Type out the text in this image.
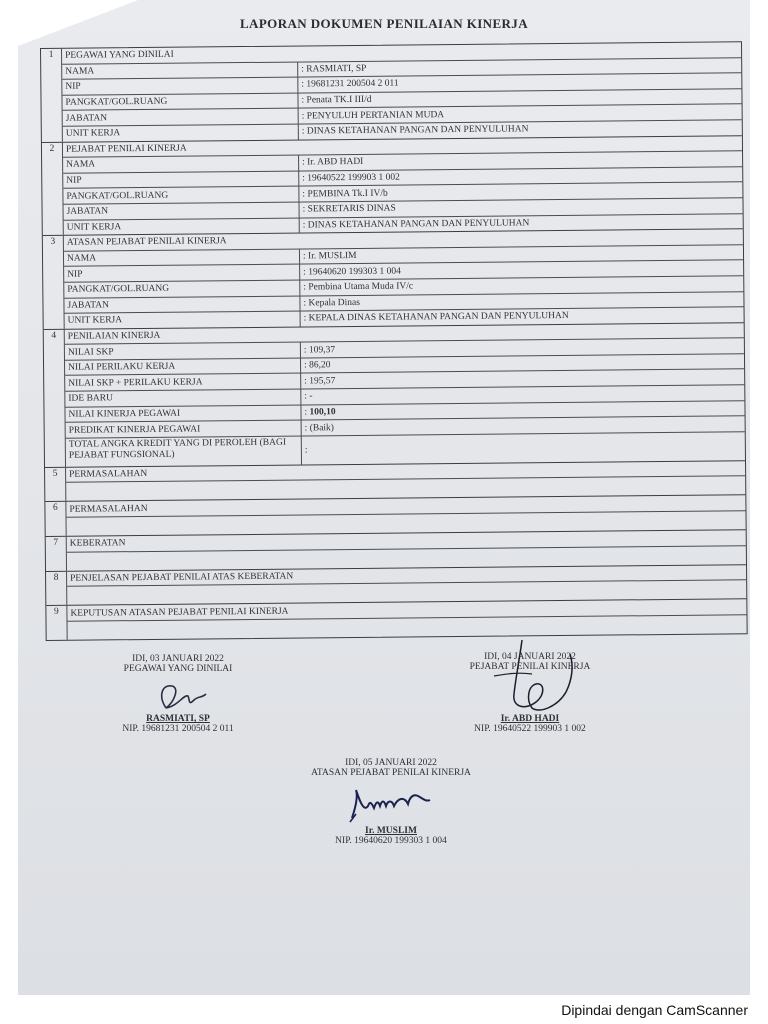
LAPORAN DOKUMEN PENILAIAN KINERJA
1	PEGAWAI YANG DINILAI
NAMA	: RASMIATI, SP
NIP	: 19681231 200504 2 011
PANGKAT/GOL.RUANG	: Penata TK.I III/d
JABATAN	: PENYULUH PERTANIAN MUDA
UNIT KERJA	: DINAS KETAHANAN PANGAN DAN PENYULUHAN
2	PEJABAT PENILAI KINERJA
NAMA	: Ir. ABD HADI
NIP	: 19640522 199903 1 002
PANGKAT/GOL.RUANG	: PEMBINA Tk.I IV/b
JABATAN	: SEKRETARIS DINAS
UNIT KERJA	: DINAS KETAHANAN PANGAN DAN PENYULUHAN
3	ATASAN PEJABAT PENILAI KINERJA
NAMA	: Ir. MUSLIM
NIP	: 19640620 199303 1 004
PANGKAT/GOL.RUANG	: Pembina Utama Muda IV/c
JABATAN	: Kepala Dinas
UNIT KERJA	: KEPALA DINAS KETAHANAN PANGAN DAN PENYULUHAN
4	PENILAIAN KINERJA
NILAI SKP	: 109,37
NILAI PERILAKU KERJA	: 86,20
NILAI SKP + PERILAKU KERJA	: 195,57
IDE BARU	: -
NILAI KINERJA PEGAWAI	: 100,10
PREDIKAT KINERJA PEGAWAI	: (Baik)
TOTAL ANGKA KREDIT YANG DI PEROLEH (BAGI PEJABAT FUNGSIONAL)	:
5	PERMASALAHAN
6	PERMASALAHAN
7	KEBERATAN
8	PENJELASAN PEJABAT PENILAI ATAS KEBERATAN
9	KEPUTUSAN ATASAN PEJABAT PENILAI KINERJA
IDI, 03 JANUARI 2022
PEGAWAI YANG DINILAI
RASMIATI, SP
NIP. 19681231 200504 2 011
IDI, 04 JANUARI 2022
PEJABAT PENILAI KINERJA
Ir. ABD HADI
NIP. 19640522 199903 1 002
IDI, 05 JANUARI 2022
ATASAN PEJABAT PENILAI KINERJA
Ir. MUSLIM
NIP. 19640620 199303 1 004
Dipindai dengan CamScanner
